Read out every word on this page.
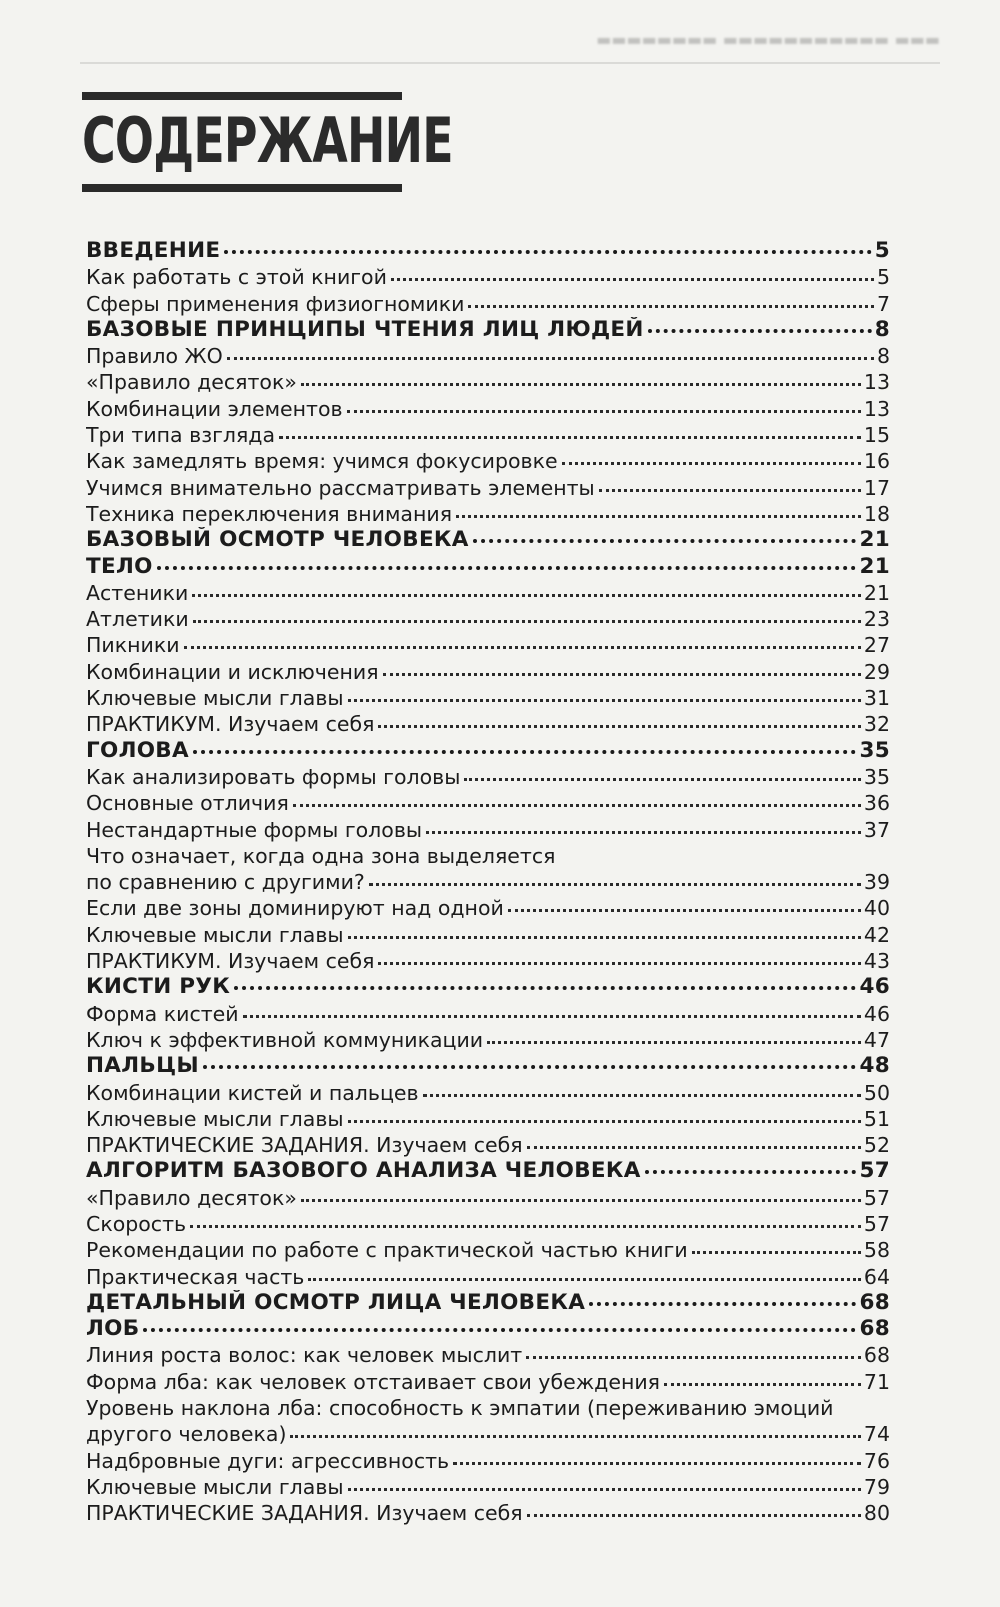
▬▬▬ ▬▬▬▬▬▬▬▬▬▬▬ ▬▬▬▬▬▬▬▬
СОДЕРЖАНИЕ
ВВЕДЕНИЕ	5
Как работать с этой книгой	5
Сферы применения физиогномики	7
БАЗОВЫЕ ПРИНЦИПЫ ЧТЕНИЯ ЛИЦ ЛЮДЕЙ	8
Правило ЖО	8
«Правило десяток»	13
Комбинации элементов	13
Три типа взгляда	15
Как замедлять время: учимся фокусировке	16
Учимся внимательно рассматривать элементы	17
Техника переключения внимания	18
БАЗОВЫЙ ОСМОТР ЧЕЛОВЕКА	21
ТЕЛО	21
Астеники	21
Атлетики	23
Пикники	27
Комбинации и исключения	29
Ключевые мысли главы	31
ПРАКТИКУМ. Изучаем себя	32
ГОЛОВА	35
Как анализировать формы головы	35
Основные отличия	36
Нестандартные формы головы	37
Что означает, когда одна зона выделяется
по сравнению с другими?	39
Если две зоны доминируют над одной	40
Ключевые мысли главы	42
ПРАКТИКУМ. Изучаем себя	43
КИСТИ РУК	46
Форма кистей	46
Ключ к эффективной коммуникации	47
ПАЛЬЦЫ	48
Комбинации кистей и пальцев	50
Ключевые мысли главы	51
ПРАКТИЧЕСКИЕ ЗАДАНИЯ. Изучаем себя	52
АЛГОРИТМ БАЗОВОГО АНАЛИЗА ЧЕЛОВЕКА	57
«Правило десяток»	57
Скорость	57
Рекомендации по работе с практической частью книги	58
Практическая часть	64
ДЕТАЛЬНЫЙ ОСМОТР ЛИЦА ЧЕЛОВЕКА	68
ЛОБ	68
Линия роста волос: как человек мыслит	68
Форма лба: как человек отстаивает свои убеждения	71
Уровень наклона лба: способность к эмпатии (переживанию эмоций
другого человека)	74
Надбровные дуги: агрессивность	76
Ключевые мысли главы	79
ПРАКТИЧЕСКИЕ ЗАДАНИЯ. Изучаем себя	80
